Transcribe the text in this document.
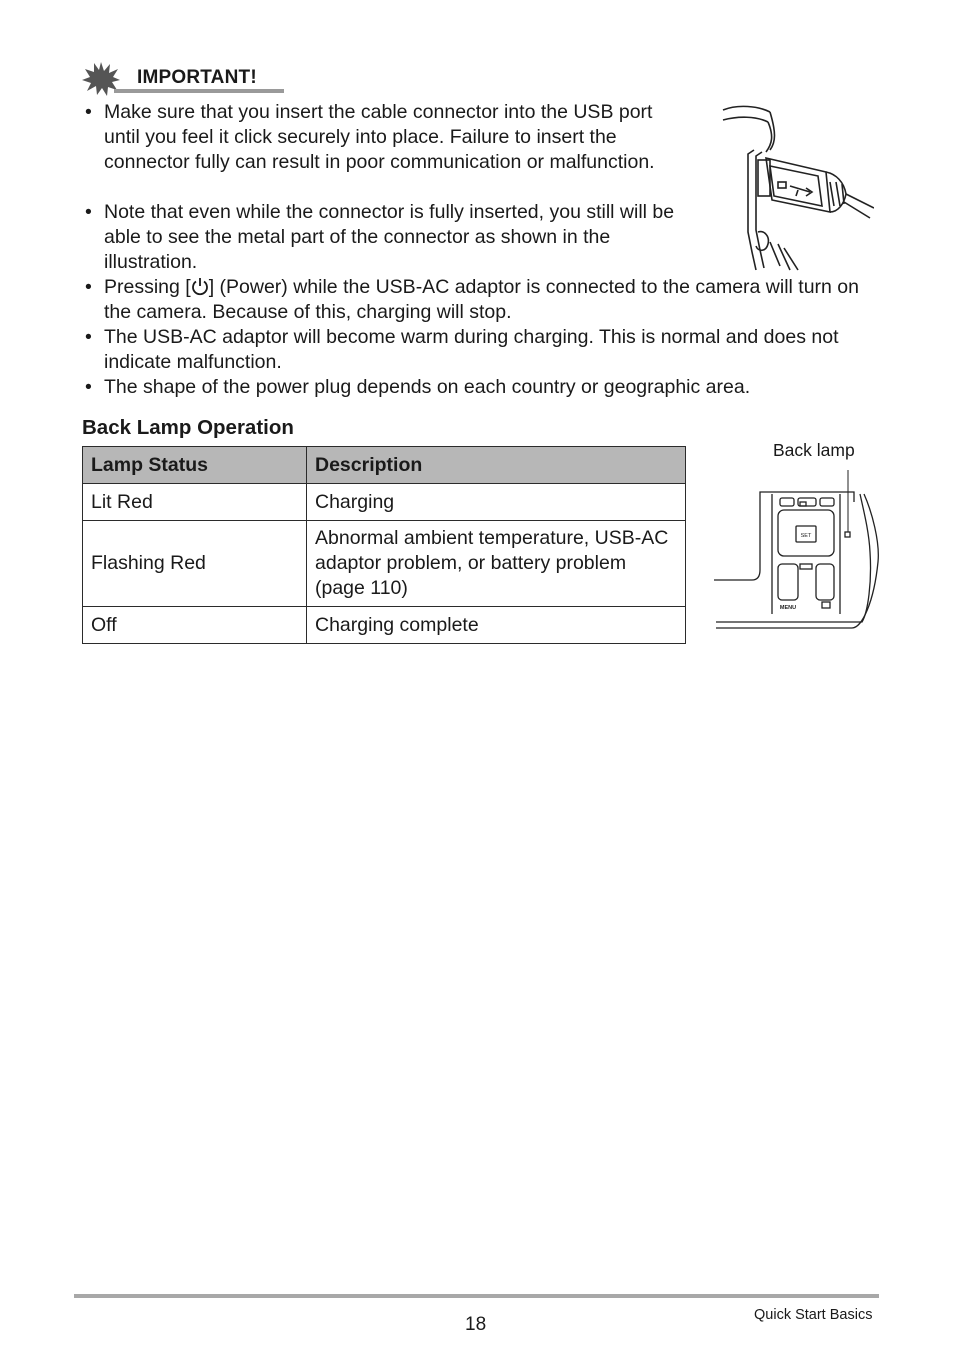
IMPORTANT!
• Make sure that you insert the cable connector into the USB port until you feel it click securely into place. Failure to insert the connector fully can result in poor communication or malfunction.
• Note that even while the connector is fully inserted, you still will be able to see the metal part of the connector as shown in the illustration.
• Pressing [ ] (Power) while the USB-AC adaptor is connected to the camera will turn on the camera. Because of this, charging will stop.
• The USB-AC adaptor will become warm during charging. This is normal and does not indicate malfunction.
• The shape of the power plug depends on each country or geographic area.
Back Lamp Operation
Lamp Status	Description
Lit Red	Charging
Flashing Red	Abnormal ambient temperature, USB-AC adaptor problem, or battery problem (page 110)
Off	Charging complete
Back lamp
SET
MENU
18	Quick Start Basics
